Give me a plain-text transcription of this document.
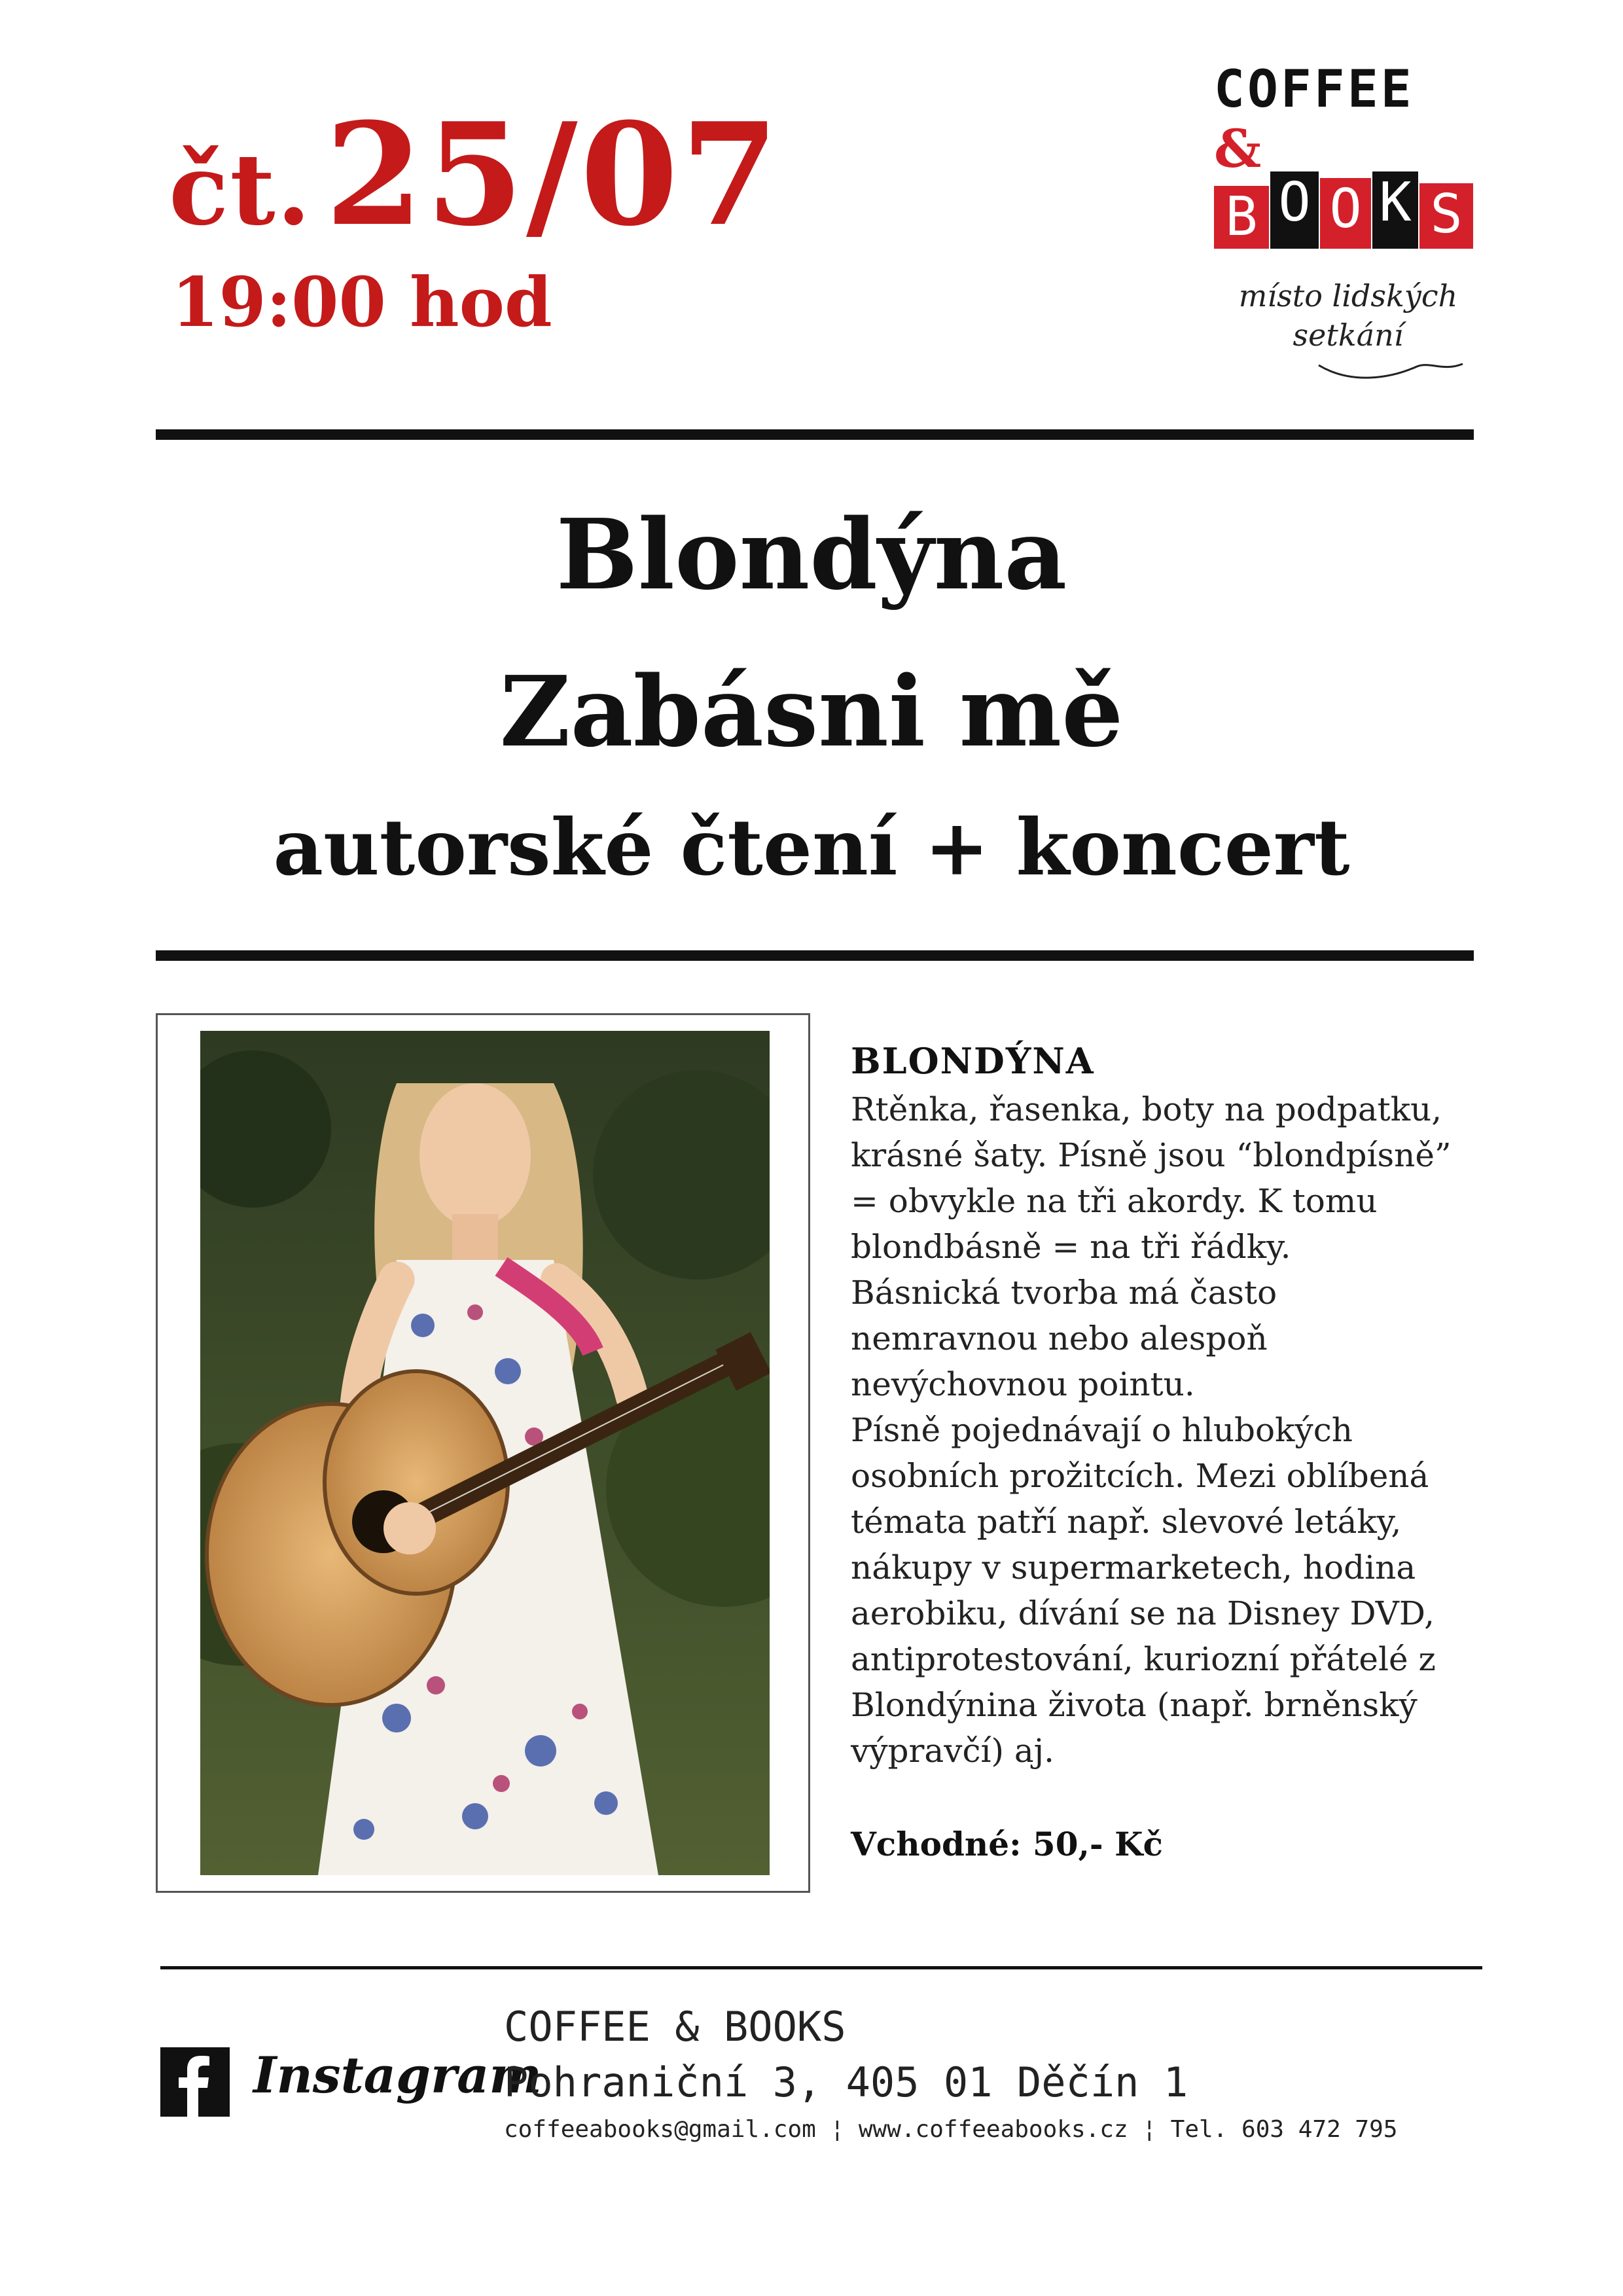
čt.25/07
19:00 hod
COFFEE
&
B O O K S
místo lidských
setkání
Blondýna
Zabásni mě
autorské čtení + koncert
BLONDÝNA
Rtěnka, řasenka, boty na podpatku,
krásné šaty. Písně jsou “blondpísně”
= obvykle na tři akordy. K tomu
blondbásně = na tři řádky.
Básnická tvorba má často
nemravnou nebo alespoň
nevýchovnou pointu.
Písně pojednávají o hlubokých
osobních prožitcích. Mezi oblíbená
témata patří např. slevové letáky,
nákupy v supermarketech, hodina
aerobiku, dívání se na Disney DVD,
antiprotestování, kuriozní přátelé z
Blondýnina života (např. brněnský
výpravčí) aj.
Vchodné: 50,- Kč
Instagram
COFFEE & BOOKS
Pohraniční 3, 405 01 Děčín 1
coffeeabooks@gmail.com ¦ www.coffeeabooks.cz ¦ Tel. 603 472 795
